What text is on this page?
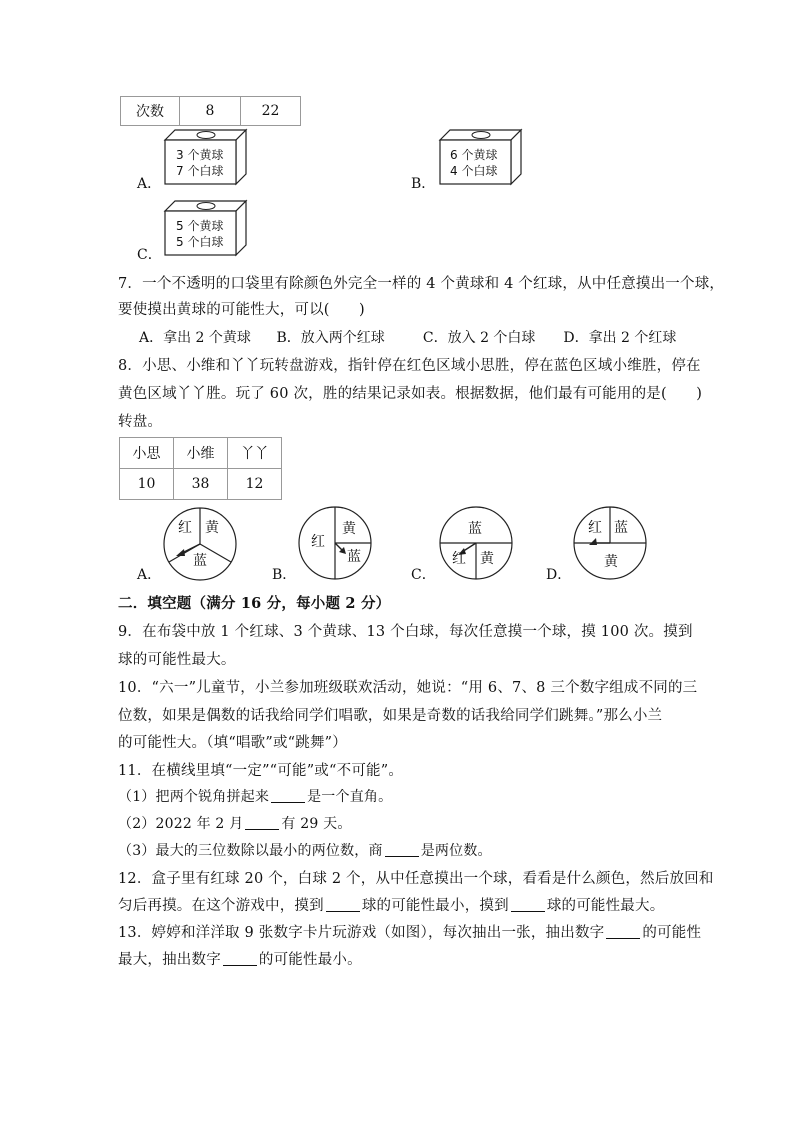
次数	8	22
A．
3 个黄球
7 个白球
B．
6 个黄球
4 个白球
C．
5 个黄球
5 个白球
7．一个不透明的口袋里有除颜色外完全一样的 4 个黄球和 4 个红球，从中任意摸出一个球，
要使摸出黄球的可能性大，可以(　　)
A．拿出 2 个黄球 B．放入两个红球	C．放入 2 个白球 D．拿出 2 个红球
8．小思、小维和丫丫玩转盘游戏，指针停在红色区域小思胜，停在蓝色区域小维胜，停在
黄色区域丫丫胜。玩了 60 次，胜的结果记录如表。根据数据，他们最有可能用的是(　　)
转盘。
小思	小维	丫丫
10	38	12
A．
红 黄
蓝
B．
红
黄
蓝
C．
蓝
红 黄
D．
红 蓝
黄
二．填空题（满分 16 分，每小题 2 分）
9．在布袋中放 1 个红球、3 个黄球、13 个白球，每次任意摸一个球，摸 100 次。摸到
球的可能性最大。
10．“六一”儿童节，小兰参加班级联欢活动，她说：“用 6、7、8 三个数字组成不同的三
位数，如果是偶数的话我给同学们唱歌，如果是奇数的话我给同学们跳舞。”那么小兰
的可能性大。（填“唱歌”或“跳舞”）
11．在横线里填“一定”“可能”或“不可能”。
（1）把两个锐角拼起来	是一个直角。
（2）2022 年 2 月	有 29 天。
（3）最大的三位数除以最小的两位数，商	是两位数。
12．盒子里有红球 20 个，白球 2 个，从中任意摸出一个球，看看是什么颜色，然后放回和
匀后再摸。在这个游戏中，摸到	球的可能性最小，摸到	球的可能性最大。
13．婷婷和洋洋取 9 张数字卡片玩游戏（如图），每次抽出一张，抽出数字	的可能性
最大，抽出数字	的可能性最小。
